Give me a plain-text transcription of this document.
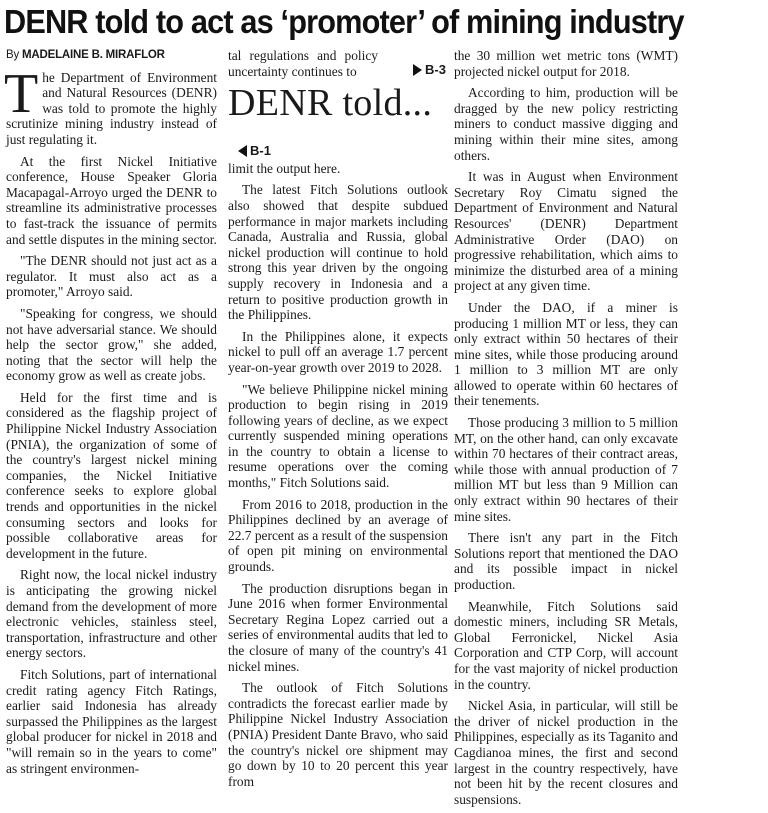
DENR told to act as ‘promoter’ of mining industry
By MADELAINE B. MIRAFLOR

The Department of Environment and Natural Resources (DENR) was told to promote the highly scrutinize mining industry instead of just regulating it.

At the first Nickel Initiative conference, House Speaker Gloria Macapagal-Arroyo urged the DENR to streamline its administrative processes to fast-track the issuance of permits and settle disputes in the mining sector.

"The DENR should not just act as a regulator. It must also act as a promoter," Arroyo said.

"Speaking for congress, we should not have adversarial stance. We should help the sector grow," she added, noting that the sector will help the economy grow as well as create jobs.

Held for the first time and is considered as the flagship project of Philippine Nickel Industry Association (PNIA), the organization of some of the country's largest nickel mining companies, the Nickel Initiative conference seeks to explore global trends and opportunities in the nickel consuming sectors and looks for possible collaborative areas for development in the future.

Right now, the local nickel industry is anticipating the growing nickel demand from the development of more electronic vehicles, stainless steel, transportation, infrastructure and other energy sectors.

Fitch Solutions, part of international credit rating agency Fitch Ratings, earlier said Indonesia has already surpassed the Philippines as the largest global producer for nickel in 2018 and "will remain so in the years to come" as stringent environmen-

tal regulations and policy uncertainty continues to	B-3
DENR told...
B-1

limit the output here.

The latest Fitch Solutions outlook also showed that despite subdued performance in major markets including Canada, Australia and Russia, global nickel production will continue to hold strong this year driven by the ongoing supply recovery in Indonesia and a return to positive production growth in the Philippines.

In the Philippines alone, it expects nickel to pull off an average 1.7 percent year-on-year growth over 2019 to 2028.

"We believe Philippine nickel mining production to begin rising in 2019 following years of decline, as we expect currently suspended mining operations in the country to obtain a license to resume operations over the coming months," Fitch Solutions said.

From 2016 to 2018, production in the Philippines declined by an average of 22.7 percent as a result of the suspension of open pit mining on environmental grounds.

The production disruptions began in June 2016 when former Environmental Secretary Regina Lopez carried out a series of environmental audits that led to the closure of many of the country's 41 nickel mines.

The outlook of Fitch Solutions contradicts the forecast earlier made by Philippine Nickel Industry Association (PNIA) President Dante Bravo, who said the country's nickel ore shipment may go down by 10 to 20 percent this year from

the 30 million wet metric tons (WMT) projected nickel output for 2018.

According to him, production will be dragged by the new policy restricting miners to conduct massive digging and mining within their mine sites, among others.

It was in August when Environment Secretary Roy Cimatu signed the Department of Environment and Natural Resources' (DENR) Department Administrative Order (DAO) on progressive rehabilitation, which aims to minimize the disturbed area of a mining project at any given time.

Under the DAO, if a miner is producing 1 million MT or less, they can only extract within 50 hectares of their mine sites, while those producing around 1 million to 3 million MT are only allowed to operate within 60 hectares of their tenements.

Those producing 3 million to 5 million MT, on the other hand, can only excavate within 70 hectares of their contract areas, while those with annual production of 7 million MT but less than 9 Million can only extract within 90 hectares of their mine sites.

There isn't any part in the Fitch Solutions report that mentioned the DAO and its possible impact in nickel production.

Meanwhile, Fitch Solutions said domestic miners, including SR Metals, Global Ferronickel, Nickel Asia Corporation and CTP Corp, will account for the vast majority of nickel production in the country.

Nickel Asia, in particular, will still be the driver of nickel production in the Philippines, especially as its Taganito and Cagdianoa mines, the first and second largest in the country respectively, have not been hit by the recent closures and suspensions.
